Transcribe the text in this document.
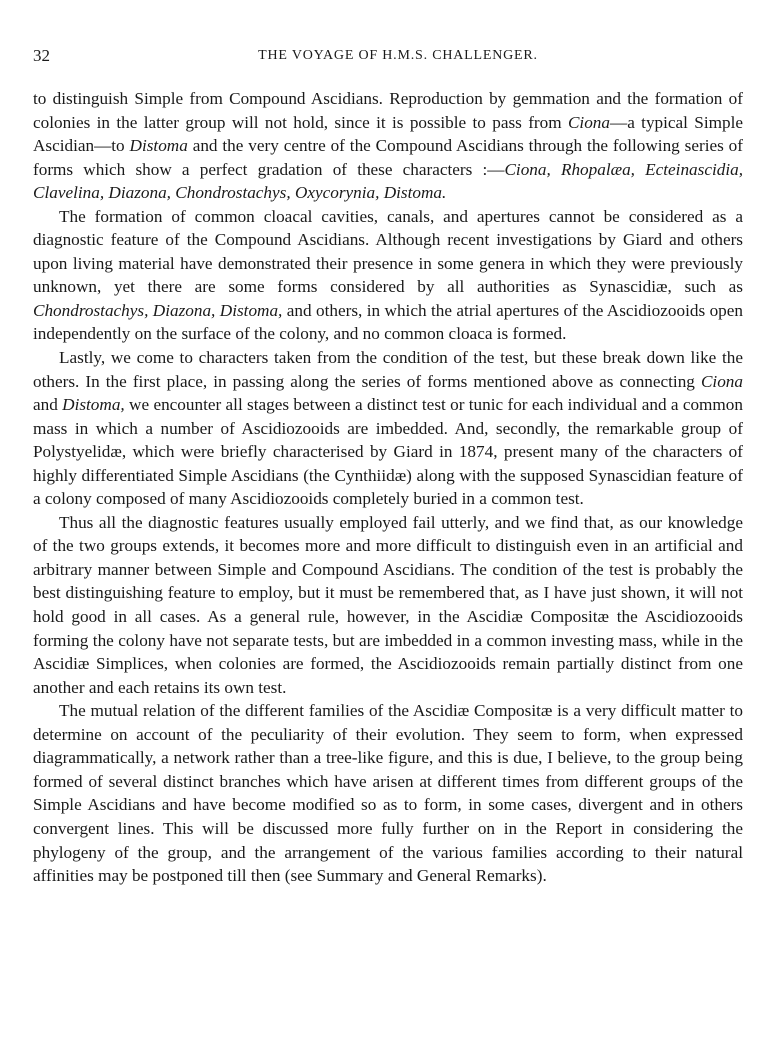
32	THE VOYAGE OF H.M.S. CHALLENGER.

to distinguish Simple from Compound Ascidians. Reproduction by gemmation and the formation of colonies in the latter group will not hold, since it is possible to pass from Ciona—a typical Simple Ascidian—to Distoma and the very centre of the Compound Ascidians through the following series of forms which show a perfect gradation of these characters :—Ciona, Rhopalæa, Ecteinascidia, Clavelina, Diazona, Chondrostachys, Oxycorynia, Distoma.

The formation of common cloacal cavities, canals, and apertures cannot be considered as a diagnostic feature of the Compound Ascidians. Although recent investigations by Giard and others upon living material have demonstrated their presence in some genera in which they were previously unknown, yet there are some forms considered by all authorities as Synascidiæ, such as Chondrostachys, Diazona, Distoma, and others, in which the atrial apertures of the Ascidiozooids open independently on the surface of the colony, and no common cloaca is formed.

Lastly, we come to characters taken from the condition of the test, but these break down like the others. In the first place, in passing along the series of forms mentioned above as connecting Ciona and Distoma, we encounter all stages between a distinct test or tunic for each individual and a common mass in which a number of Ascidiozooids are imbedded. And, secondly, the remarkable group of Polystyelidæ, which were briefly characterised by Giard in 1874, present many of the characters of highly differentiated Simple Ascidians (the Cynthiidæ) along with the supposed Synascidian feature of a colony composed of many Ascidiozooids completely buried in a common test.

Thus all the diagnostic features usually employed fail utterly, and we find that, as our knowledge of the two groups extends, it becomes more and more difficult to distinguish even in an artificial and arbitrary manner between Simple and Compound Ascidians. The condition of the test is probably the best distinguishing feature to employ, but it must be remembered that, as I have just shown, it will not hold good in all cases. As a general rule, however, in the Ascidiæ Compositæ the Ascidiozooids forming the colony have not separate tests, but are imbedded in a common investing mass, while in the Ascidiæ Simplices, when colonies are formed, the Ascidiozooids remain partially distinct from one another and each retains its own test.

The mutual relation of the different families of the Ascidiæ Compositæ is a very difficult matter to determine on account of the peculiarity of their evolution. They seem to form, when expressed diagrammatically, a network rather than a tree-like figure, and this is due, I believe, to the group being formed of several distinct branches which have arisen at different times from different groups of the Simple Ascidians and have become modified so as to form, in some cases, divergent and in others convergent lines. This will be discussed more fully further on in the Report in considering the phylogeny of the group, and the arrangement of the various families according to their natural affinities may be postponed till then (see Summary and General Remarks).
